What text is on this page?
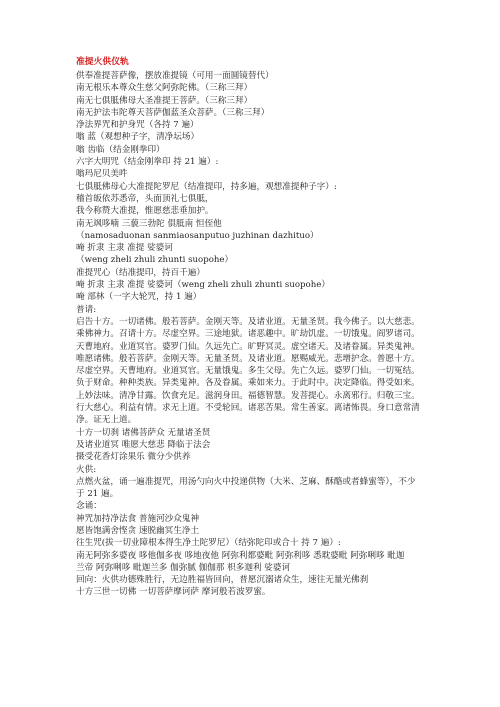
准提火供仪轨
供奉准提菩萨像，摆放准提镜（可用一面圆镜替代）
南无根乐本尊众生慈父阿弥陀佛。（三称三拜）
南无七俱胝佛母大圣准提王菩萨。（三称三拜）
南无护法韦陀尊天菩萨伽蓝圣众菩萨。（三称三拜）
净法界咒和护身咒（各持 7 遍）
嗡 蓝（观想种子字，清净坛场）
嗡 齿临（结金刚拳印）
六字大明咒（结金刚拳印 持 21 遍）:
嗡玛尼贝美吽
七俱胝佛母心大准提陀罗尼（结准提印，持多遍，观想准提种子字）:
稽首皈依苏悉帝，头面顶礼七俱胝，
我今称赞大准提，惟愿慈悲垂加护。
南无飒哆喃 三藐三勃陀 俱胝南 怛侄他
（namosaduonan sanmiaosanputuo juzhinan dazhituo）
唵 折隶 主隶 准提 娑婆诃
（weng zheli zhuli zhunti suopohe）
准提咒心（结准提印，持百千遍）
唵 折隶 主隶 准提 娑婆诃（weng zheli zhuli zhunti suopohe）
唵 部林（一字大轮咒，持 1 遍）
普请:
启告十方。一切诸佛。般若菩萨。金刚天等。及诸业道。无量圣贤。我今佛子。以大慈悲。
乘佛神力。召请十方。尽虚空界。三途地狱。诸恶趣中。旷劫饥虚。一切饿鬼。阎罗诸司。
天曹地府。业道冥官。婆罗门仙。久远先亡。旷野冥灵。虚空诸天。及诸眷属。异类鬼神。
唯愿诸佛。般若菩萨。金刚天等。无量圣贤。及诸业道。愿赐威光。悲增护念。普愿十方。
尽虚空界。天曹地府。业道冥官。无量饿鬼。多生父母。先亡久远。婆罗门仙。一切冤结。
负于财命。种种类族。异类鬼神。各及眷属。乘如来力。于此时中。决定降临。得受如来。
上妙法味。清净甘露。饮食充足。滋润身田。福德智慧。发菩提心。永离邪行。归敬三宝。
行大慈心。利益有情。求无上道。不受轮回。诸恶苦果。常生善家。离诸怖畏。身口意常清
净。证无上道。
十方一切刹 诸佛菩萨众 无量诸圣贤
及诸业道冥 唯愿大慈悲 降临于法会
摄受花香灯涂果乐 微分少供养
火供:
点燃火盆，诵一遍准提咒，用汤勺向火中投递供物（大米、芝麻、酥酪或者蜂蜜等），不少
于 21 遍。
念诵：
神咒加持净法食 普施河沙众鬼神
愿皆饱满舍悭贪 速脱幽冥生净土
往生咒(拔一切业障根本得生净土陀罗尼）（结弥陀印或合十 持 7 遍）:
南无阿弥多婆夜 哆他伽多夜 哆地夜他 阿弥利都婆毗 阿弥利哆 悉耽婆毗 阿弥唎哆 毗迦
兰帝 阿弥唎哆 毗迦兰多 伽弥腻 伽伽那 枳多迦利 娑婆诃
回向：火供功德殊胜行，无边胜福皆回向，普愿沉溺诸众生，速往无量光佛刹
十方三世一切佛 一切菩萨摩诃萨 摩诃般若波罗蜜。
